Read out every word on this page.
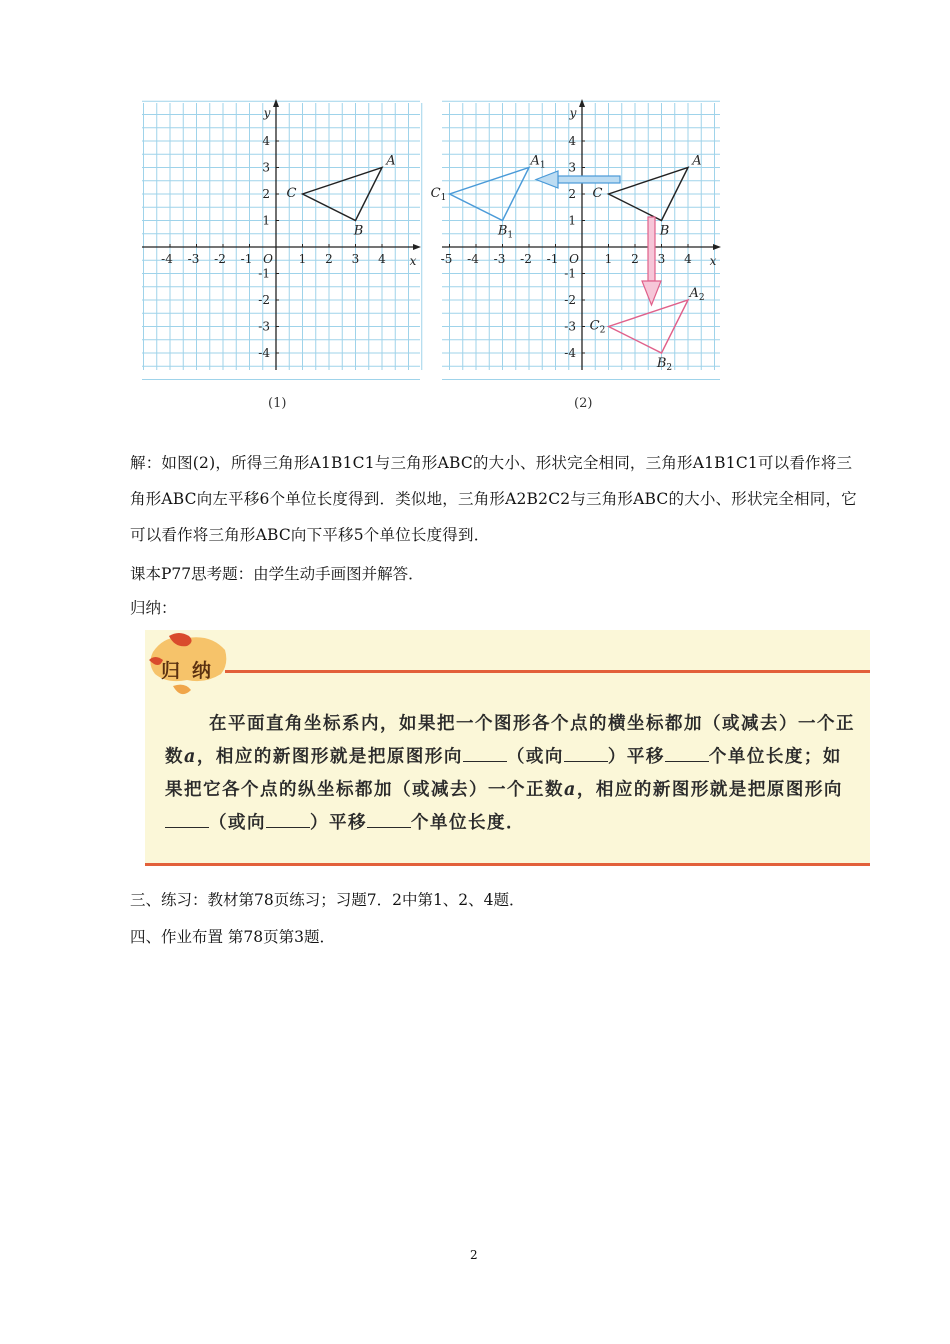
x
y
O
-4 -3 -2 -1	1 2 3 4
4
3
2
1
-1
-2
-3
-4
A
B
C
(1)
x
y
O
-5 -4 -3 -2 -1	1 2 3 4
4
3
2
1
-1
-2
-3
-4
A
B
C
$A_1$
$B_1$
$C_1$
$A_2$
$B_2$
$C_2$
(2)
解：如图(2)，所得三角形A1B1C1与三角形ABC的大小、形状完全相同，三角形A1B1C1可以看作将三角形ABC向左平移6个单位长度得到．类似地，三角形A2B2C2与三角形ABC的大小、形状完全相同，它可以看作将三角形ABC向下平移5个单位长度得到．
课本P77思考题：由学生动手画图并解答．
归纳：
归纳
在平面直角坐标系内，如果把一个图形各个点的横坐标都加（或减去）一个正数a，相应的新图形就是把原图形向	（或向	）平移	个单位长度；如果把它各个点的纵坐标都加（或减去）一个正数a，相应的新图形就是把原图形向（或向	）平移	个单位长度．
三、练习：教材第78页练习；习题7．2中第1、2、4题．
四、作业布置 第78页第3题．
2
